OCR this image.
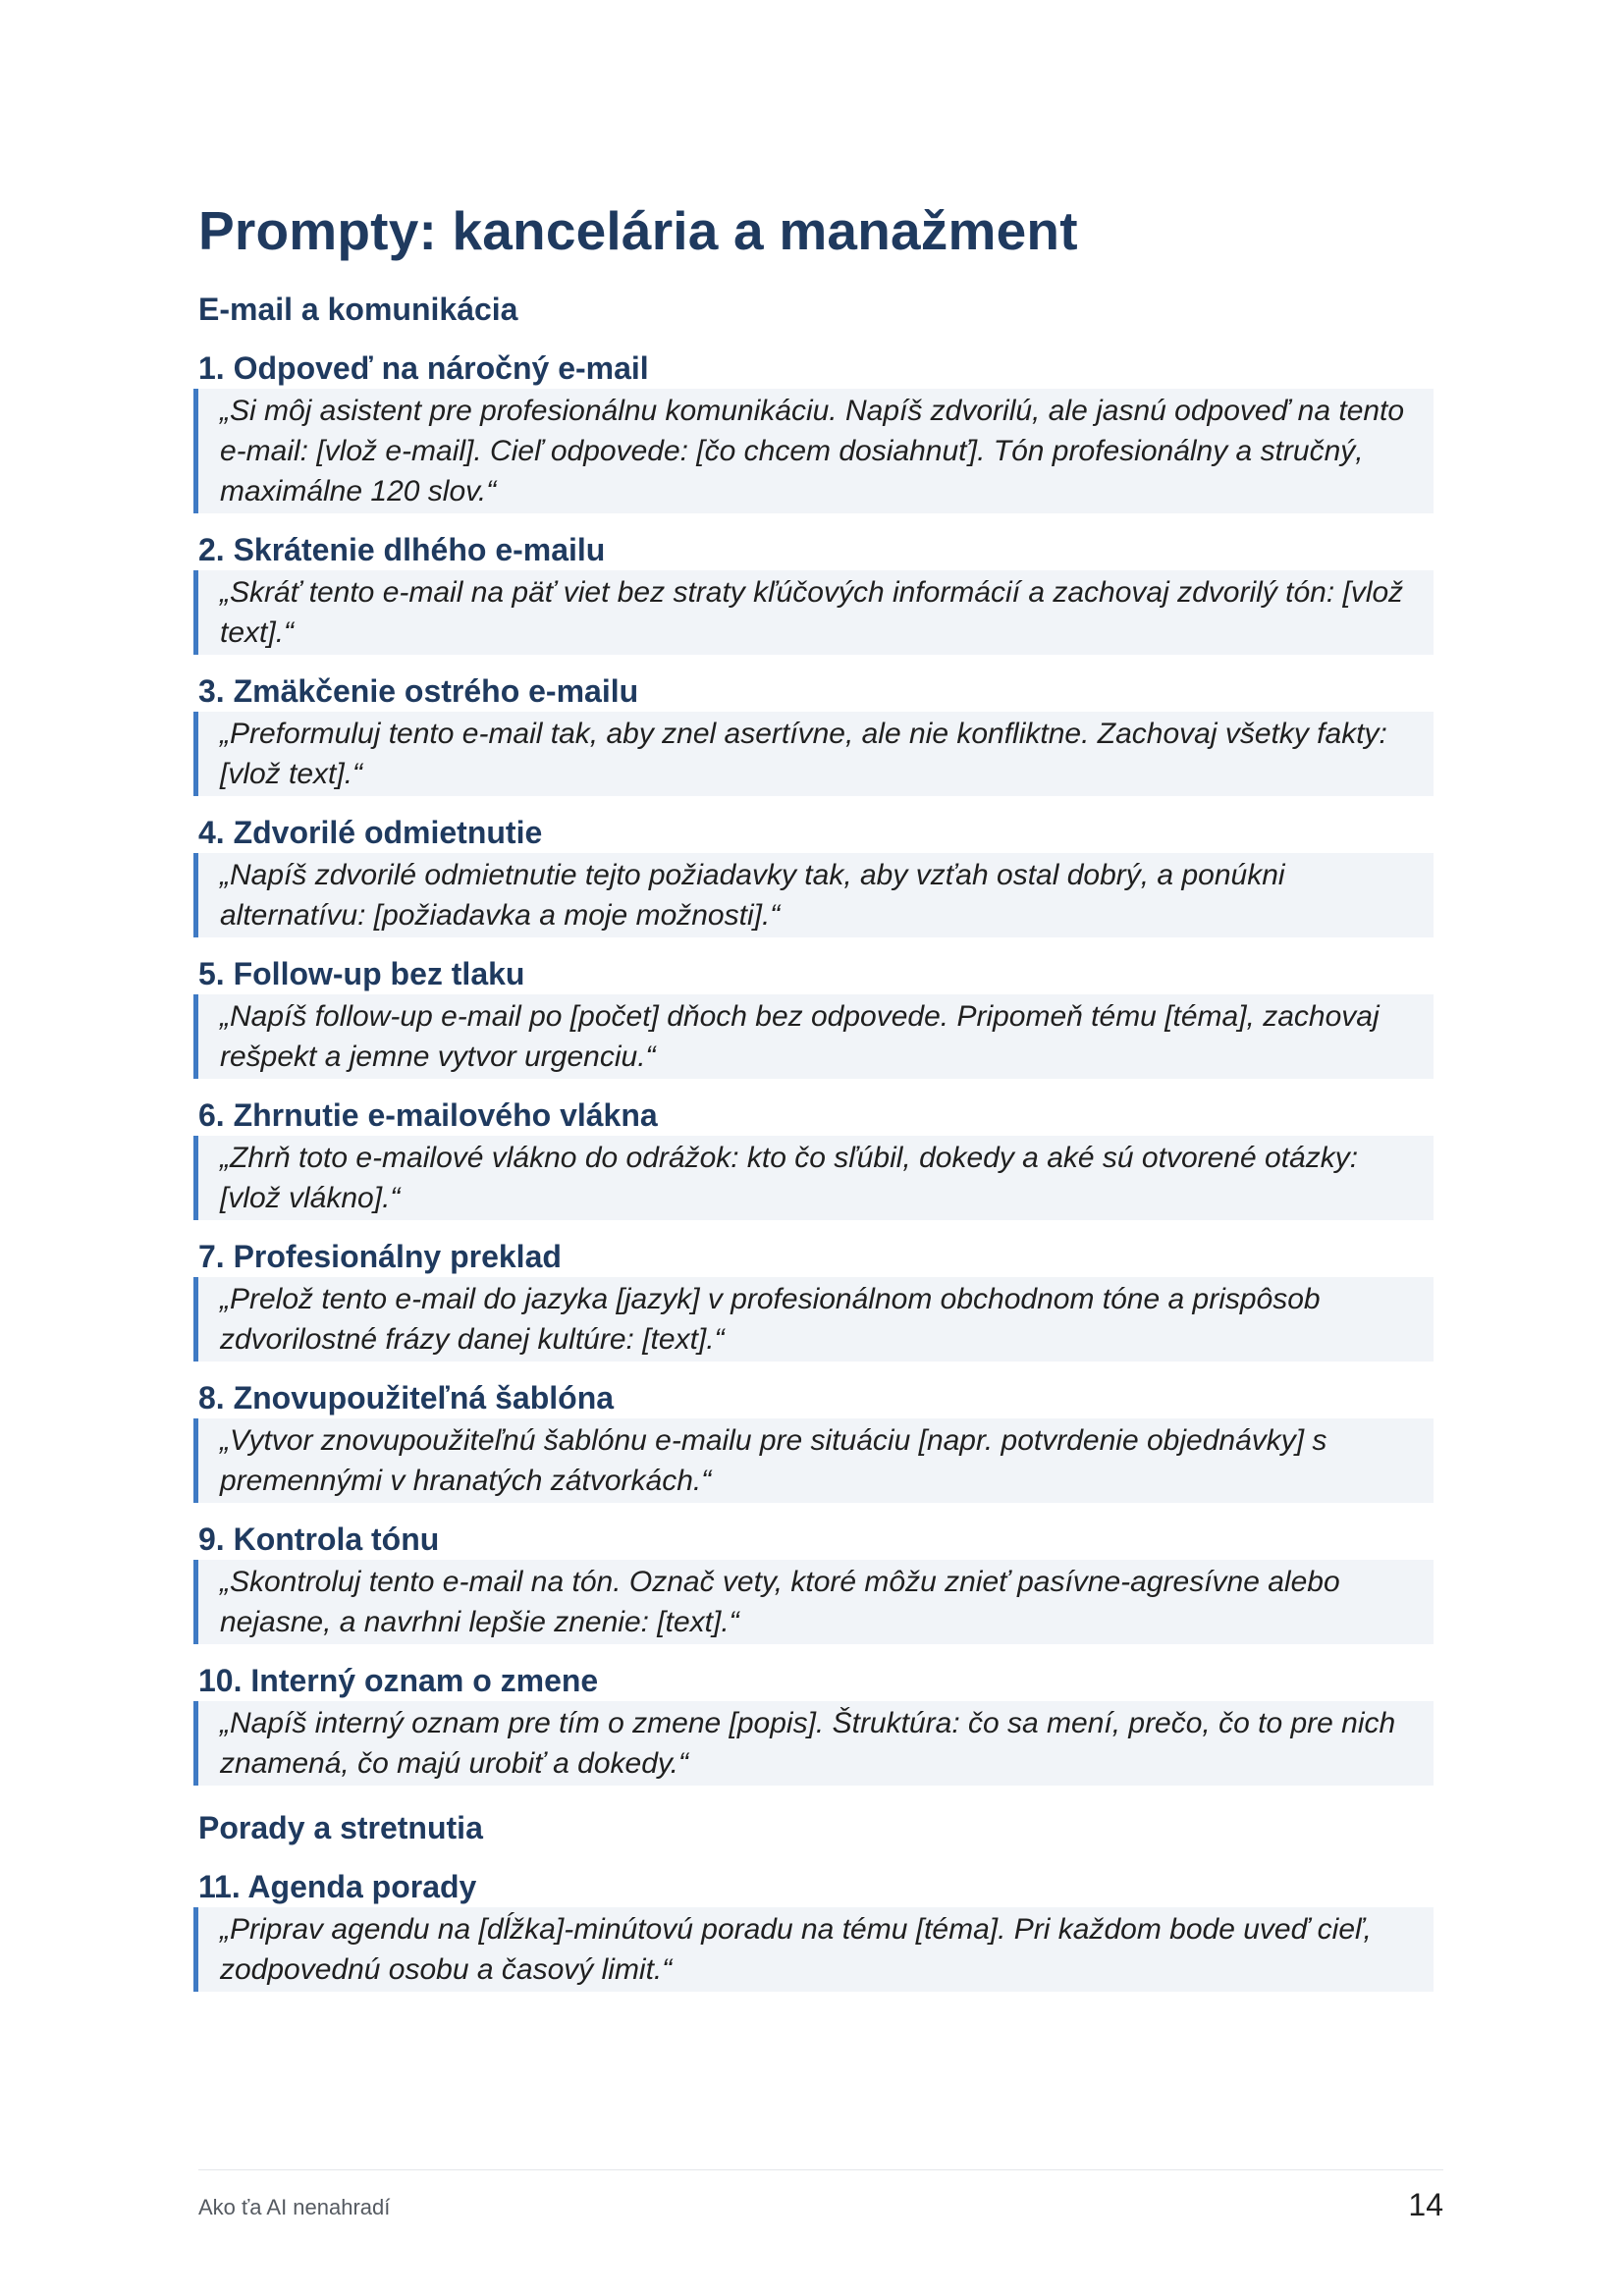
Prompty: kancelária a manažment
E-mail a komunikácia
1. Odpoveď na náročný e-mail
„Si môj asistent pre profesionálnu komunikáciu. Napíš zdvorilú, ale jasnú odpoveď na tento e-mail: [vlož e-mail]. Cieľ odpovede: [čo chcem dosiahnuť]. Tón profesionálny a stručný, maximálne 120 slov.“
2. Skrátenie dlhého e-mailu
„Skráť tento e-mail na päť viet bez straty kľúčových informácií a zachovaj zdvorilý tón: [vlož text].“
3. Zmäkčenie ostrého e-mailu
„Preformuluj tento e-mail tak, aby znel asertívne, ale nie konfliktne. Zachovaj všetky fakty: [vlož text].“
4. Zdvorilé odmietnutie
„Napíš zdvorilé odmietnutie tejto požiadavky tak, aby vzťah ostal dobrý, a ponúkni alternatívu: [požiadavka a moje možnosti].“
5. Follow-up bez tlaku
„Napíš follow-up e-mail po [počet] dňoch bez odpovede. Pripomeň tému [téma], zachovaj rešpekt a jemne vytvor urgenciu.“
6. Zhrnutie e-mailového vlákna
„Zhrň toto e-mailové vlákno do odrážok: kto čo sľúbil, dokedy a aké sú otvorené otázky: [vlož vlákno].“
7. Profesionálny preklad
„Prelož tento e-mail do jazyka [jazyk] v profesionálnom obchodnom tóne a prispôsob zdvorilostné frázy danej kultúre: [text].“
8. Znovupoužiteľná šablóna
„Vytvor znovupoužiteľnú šablónu e-mailu pre situáciu [napr. potvrdenie objednávky] s premennými v hranatých zátvorkách.“
9. Kontrola tónu
„Skontroluj tento e-mail na tón. Označ vety, ktoré môžu znieť pasívne-agresívne alebo nejasne, a navrhni lepšie znenie: [text].“
10. Interný oznam o zmene
„Napíš interný oznam pre tím o zmene [popis]. Štruktúra: čo sa mení, prečo, čo to pre nich znamená, čo majú urobiť a dokedy.“
Porady a stretnutia
11. Agenda porady
„Priprav agendu na [dĺžka]-minútovú poradu na tému [téma]. Pri každom bode uveď cieľ, zodpovednú osobu a časový limit.“
Ako ťa AI nenahradí	14
